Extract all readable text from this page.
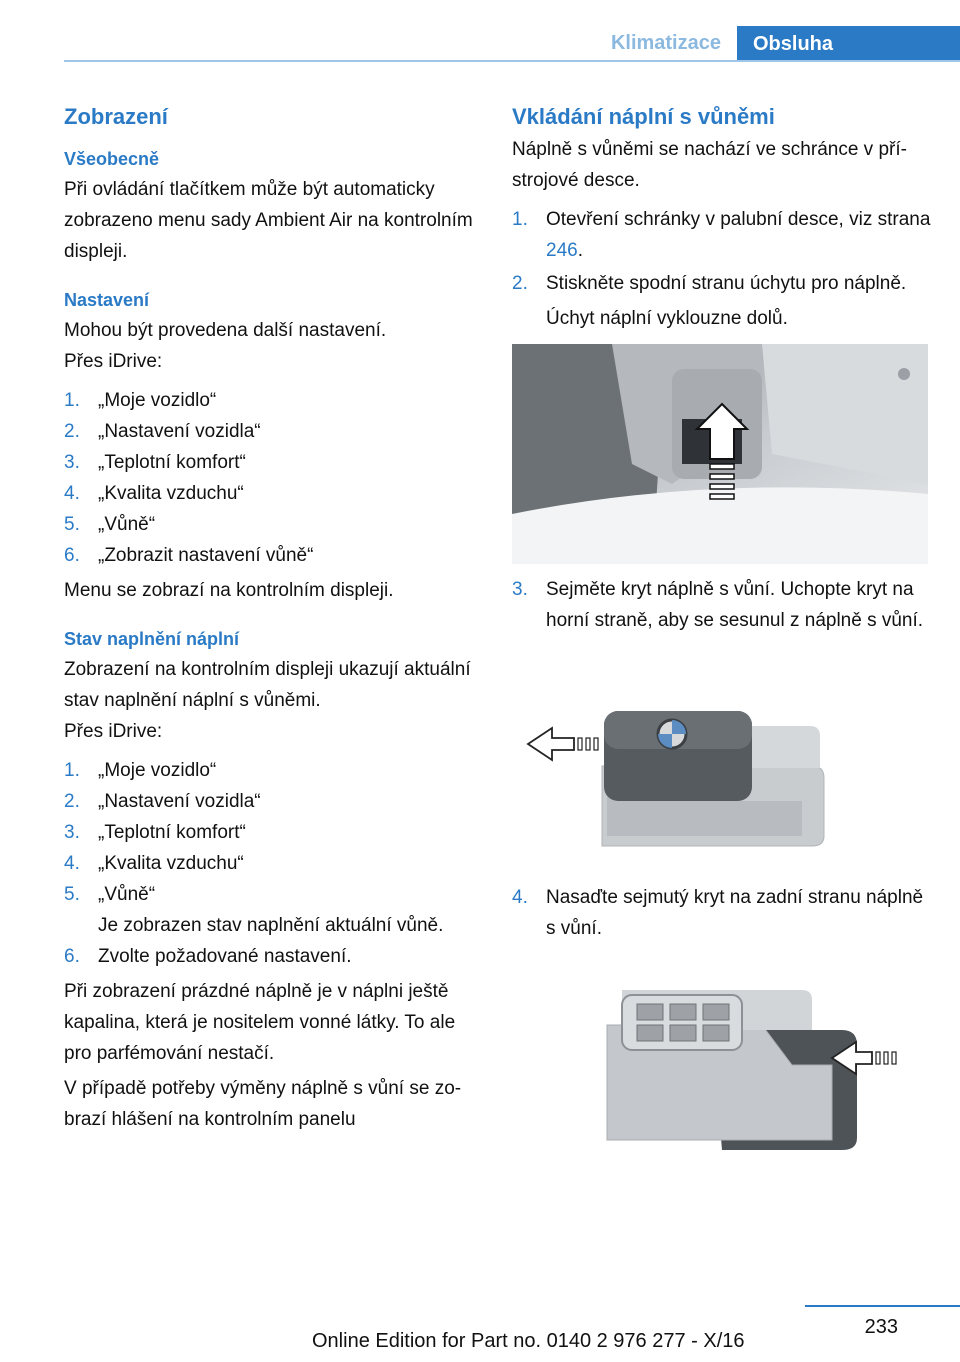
Klimatizace	Obsluha
Zobrazení
Všeobecně

Při ovládání tlačítkem může být automaticky zobrazeno menu sady Ambient Air na kontrolním displeji.

Nastavení

Mohou být provedena další nastavení.

Přes iDrive:

1. „Moje vozidlo“
2. „Nastavení vozidla“
3. „Teplotní komfort“
4. „Kvalita vzduchu“
5. „Vůně“
6. „Zobrazit nastavení vůně“

Menu se zobrazí na kontrolním displeji.

Stav naplnění náplní

Zobrazení na kontrolním displeji ukazují aktuální stav naplnění náplní s vůněmi.

Přes iDrive:

1. „Moje vozidlo“
2. „Nastavení vozidla“
3. „Teplotní komfort“
4. „Kvalita vzduchu“
5. „Vůně“
Je zobrazen stav naplnění aktuální vůně.
6. Zvolte požadované nastavení.

Při zobrazení prázdné náplně je v náplni ještě kapalina, která je nositelem vonné látky. To ale pro parfémování nestačí.

V případě potřeby výměny náplně s vůní se zobrazí hlášení na kontrolním panelu

Vkládání náplní s vůněmi

Náplně s vůněmi se nachází ve schránce v přístrojové desce.

1. Otevření schránky v palubní desce, viz strana 246.
2. Stiskněte spodní stranu úchytu pro náplně.
Úchyt náplní vyklouzne dolů.
3. Sejměte kryt náplně s vůní. Uchopte kryt na horní straně, aby se sesunul z náplně s vůní.
4. Nasaďte sejmutý kryt na zadní stranu náplně s vůní.
233
Online Edition for Part no. 0140 2 976 277 - X/16
